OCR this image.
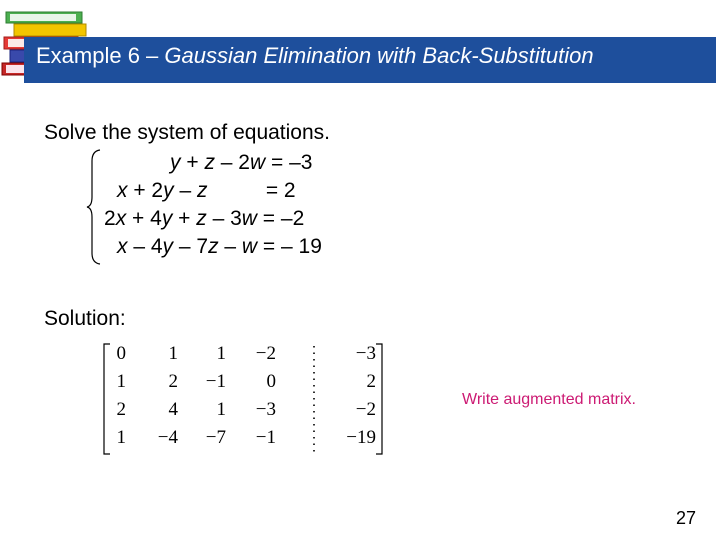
Example 6 – Gaussian Elimination with Back-Substitution
Solve the system of equations.
y + z – 2w = –3
x + 2y – z          = 2
2x + 4y + z – 3w = –2
x – 4y – 7z – w = – 19
Solution:
0	1	1	−2	−3
1	2	−1	0	2
2	4	1	−3	−2
1	−4	−7	−1	−19
Write augmented matrix.
27
